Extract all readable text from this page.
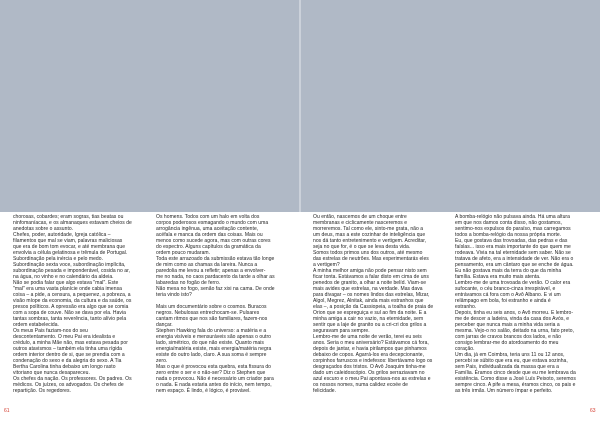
chorosas, cobardes; eram sogras, tias beatas ou
ninfomaníacas, e os almanaques estavam cheios de
anedotas sobre o assunto.
Chefes, poder, autoridade, Igreja católica –
filamentos que mal se viam, palavras maliciosas
que era de bom tom evocar, e até membrana que
envolvia a célula gelatinosa e trêmula de Portugal.
Subordinação pela inércia e pelo medo.
Subordinação sexta voce, subordinação implícita,
subordinação pesada e imponderável, cosida no ar,
na água, no vinho e no calendário da aldeia.
Não se podia falar que algo estava "mal". Este
"mal" era uma vasta planície onde cabia imensa
coisa – a pide, a censura, a pequenez, a pobreza, a
visão míope da economia, da cultura e da saúde, os
presos políticos. A opressão era algo que se comia
com a sopa de couve. Não se dava por ela. Havia
tantas sombras, tanta reverência, tanto alívio pela
ordem estabelecida.
Os meus Pais faziam-nos do seu
descontentamento. O meu Pai era idealista e
crédulo, a minha Mãe não, mas estava pesada por
outros atavismos – também ela tinha uma rígida
ordem interior dentro de si, que se prendia com a
condenação do sexo e da alegria do sexo. A Tia
Bertha Carolina tinha debaixo um longo rasto
vitoriano que nunca desapareceu.
Os chefes da nação. Os professores. Os padres. Os
médicos. Os juízes, os advogados. Os chefes de
repartição. Os regedores.
Os homens. Todos com um halo em volta dos
corpos poderosos esmagando o mundo com uma
arrogância ingênua, uma aceitação contente,
acéfala e manca da ordem das coisas. Mais ou
menos como sucede agora, mas com outras cores
do espectro. Alguns capítulos da gramática da
ordem pouco mudaram.
Toda este arrazoado da submissão estava tão longe
de mim como as chamas da lareira. Nunca a
paredolia me levou a refletir; apenas a envolver-
me no nada, no caos pardacento da tarde a olhar as
labaredas no fogão de ferro.
Não mexa no fogo, senão faz xixi na cama. De onde
teria vindo isto?

Mais um documentário sobre o cosmos. Buracos
negros. Nebulosas entrechocam-se. Pulsares
cantam ritmos que nos são familiares, fazem-nos
dançar.
Stephen Hawking fala do universo: a matéria e a
energia visíveis e mensuráveis são apenas o outro
lado, simétrico, do que não existe. Quanto mais
energia/matéria existe, mais energia/matéria negra
existe do outro lado, claro. A sua soma é sempre
zero.
Mas o que é provocou esta quebra, esta fissura do
zero entre o ser e o não-ser? Diz o Stephen que
nada o provocou. Não é necessário um criador para
o nada. E nada estaria antes do início, nem tempo,
nem espaço. É lindo, é lógico, é provável.
Ou então, nascemos de um choque entre
membranas e ciclicamente nasceremos e
morreremos. Tal como ele, sinto-me grata, não a
um deus, mas a este cozinhar de inteligência que
nos dá tanto entretenimento e vertigem. Acreditar,
seja no que for, é o que se leva desta vida.
Somos todos primos uns dos outros, até mesmo
das estrelas de neutrões. Mas experimentarás eles
a vertigem?
A minha melhor amiga não pode pensar nisto sem
ficar tonta. Estávamos a falar disto em cima de uns
penedos de granito, a olhar a noite belíd. Viam-se
mais avides que estrelas, na verdade. Mas dava
para divagar – os nomes lindos das estrelas, Mizar,
Algol, Megrez, Alnitak, ainda mais estranhos que
elas –, a posição da Cassiopeia, a toalha de praia de
Orion que se espreguiça e sul ao fim da noite. E a
minha amiga a cair no vazio, na eternidade, sem
sentir que a laje de granito ou a cri-cri dos grilos a
seguravam para sempre.
Lembro-me de uma noite de verão, terei eu seis
anos. Seria o meu aniversário? Estávamos cá fora,
depois de jantar, e havia pirilampos que pinhamos
debaixo de copos. Agarrá-los era decepcionante,
corpinhos farruscos e indefesos: libertávamo logo os
desgraçados dos tristos. O Avô Joaquim tinha-me
dado um caleidoscópio. Os grilos serraziavam no
azul escuro e o meu Pai apontava-nos as estrelas e
os nossos nomes, numa calidez ecoée de
felicidade.
A bomba-relógio não pulsava ainda. Há uma altura
em que nos damos conta disso, não gostamos,
sentimo-nos expulsos do paraíso, mas carregamos
todos a bomba-relógio da nossa própria morte.
Eu, que gostava das trovoadas, das pedras e das
faíslas... isso era mais importante do que quem me
rodeava. Vivia na tal eternidade sem saber. Não se
tratava de afeto, era a intensidade de ver. Não era o
pensamento, era um cântaro que se enche de água.
Eu não gostava mais da terra do que da minha
família. Estava era muito mais atenta.
Lembro-me de uma trovoada de verão. O calor era
sufocante, o céu branco-cinza irrespirável, e
entrávamos cá fora com o Avô Albano. E vi um
relâmpago em bola, foi estranho e ainda é
estranho.
Depois, tinha eu seis anos, o Avô morreu. E lembro-
me de descer a ladeira, vinda da casa dos Avós, e
perceber que nunca mais a minha vida seria a
mesma. Vejo-o no salão, deitado na urna, fato preto,
com jarras de cravos brancos dos lados, e não
consigo lembrar-me do atordoamento do meu
coração.
Um dia, já em Coimbra, teria uns 11 ou 12 anos,
percebi se súbito que era eu, que estava sozinha,
sem Pais, individualizada da massa que era a
Família. Éramos cinco desde que eu me lembrava da
existência. Como disse a José Luís Peixoto, seremos
sempre cinco. A pife a mesa, éramos cinco, os pais e
as três irmãs. Um número ímpar e perfeito.
61	63
